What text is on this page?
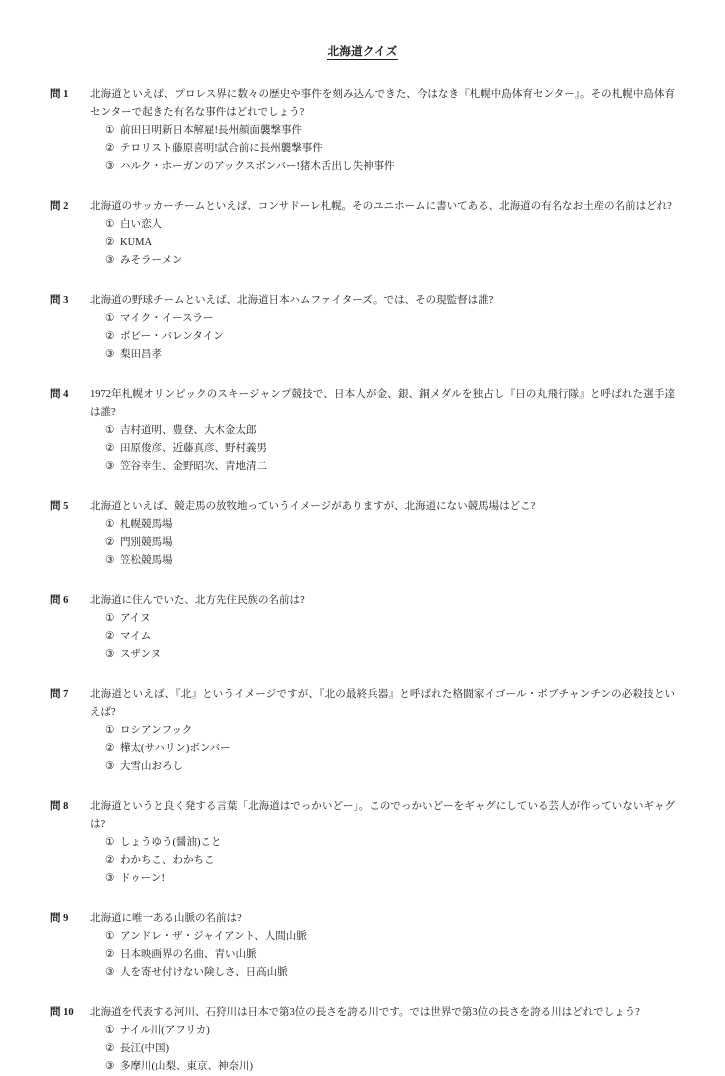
北海道クイズ
問 1	北海道といえば、プロレス界に数々の歴史や事件を刻み込んできた、今はなき『札幌中島体育センター』。その札幌中島体育センターで起きた有名な事件はどれでしょう?

① 前田日明新日本解雇!長州顔面襲撃事件
② テロリスト藤原喜明!試合前に長州襲撃事件
③ ハルク・ホーガンのアックスボンバー!猪木舌出し失神事件
問 2	北海道のサッカーチームといえば、コンサドーレ札幌。そのユニホームに書いてある、北海道の有名なお土産の名前はどれ?

① 白い恋人
② KUMA
③ みそラーメン
問 3	北海道の野球チームといえば、北海道日本ハムファイターズ。では、その現監督は誰?

① マイク・イースラー
② ボビー・バレンタイン
③ 梨田昌孝
問 4	1972年札幌オリンピックのスキージャンプ競技で、日本人が金、銀、銅メダルを独占し『日の丸飛行隊』と呼ばれた選手達は誰?

① 吉村道明、豊登、大木金太郎
② 田原俊彦、近藤真彦、野村義男
③ 笠谷幸生、金野昭次、青地清二
問 5	北海道といえば、競走馬の放牧地っていうイメージがありますが、北海道にない競馬場はどこ?

① 札幌競馬場
② 門別競馬場
③ 笠松競馬場
問 6	北海道に住んでいた、北方先住民族の名前は?

① アイヌ
② マイム
③ スザンヌ
問 7	北海道といえば、『北』というイメージですが、『北の最終兵器』と呼ばれた格闘家イゴール・ボブチャンチンの必殺技といえば?

① ロシアンフック
② 樺太(サハリン)ボンバー
③ 大雪山おろし
問 8	北海道というと良く発する言葉「北海道はでっかいどー」。このでっかいどーをギャグにしている芸人が作っていないギャグは?

① しょうゆう(醤油)こと
② わかちこ、わかちこ
③ ドゥーン!
問 9	北海道に唯一ある山脈の名前は?

① アンドレ・ザ・ジャイアント、人間山脈
② 日本映画界の名曲、青い山脈
③ 人を寄せ付けない険しさ、日高山脈
問 10	北海道を代表する河川、石狩川は日本で第3位の長さを誇る川です。では世界で第3位の長さを誇る川はどれでしょう?

① ナイル川(アフリカ)
② 長江(中国)
③ 多摩川(山梨、東京、神奈川)
